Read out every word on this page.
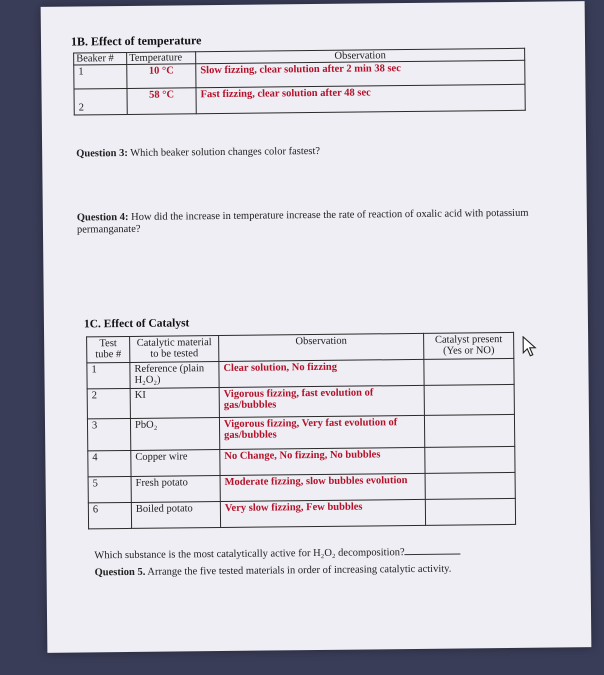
1B. Effect of temperature
Beaker #	Temperature	Observation
1	10 °C	Slow fizzing, clear solution after 2 min 38 sec
2	58 °C	Fast fizzing, clear solution after 48 sec
Question 3: Which beaker solution changes color fastest?
Question 4: How did the increase in temperature increase the rate of reaction of oxalic acid with potassium permanganate?
1C. Effect of Catalyst
Test tube #	Catalytic material to be tested	Observation	Catalyst present (Yes or NO)
1	Reference (plain H₂O₂)	Clear solution, No fizzing	
2	KI	Vigorous fizzing, fast evolution of gas/bubbles	
3	PbO₂	Vigorous fizzing, Very fast evolution of gas/bubbles	
4	Copper wire	No Change, No fizzing, No bubbles	
5	Fresh potato	Moderate fizzing, slow bubbles evolution	
6	Boiled potato	Very slow fizzing, Few bubbles	
Which substance is the most catalytically active for H₂O₂ decomposition?
Question 5. Arrange the five tested materials in order of increasing catalytic activity.
